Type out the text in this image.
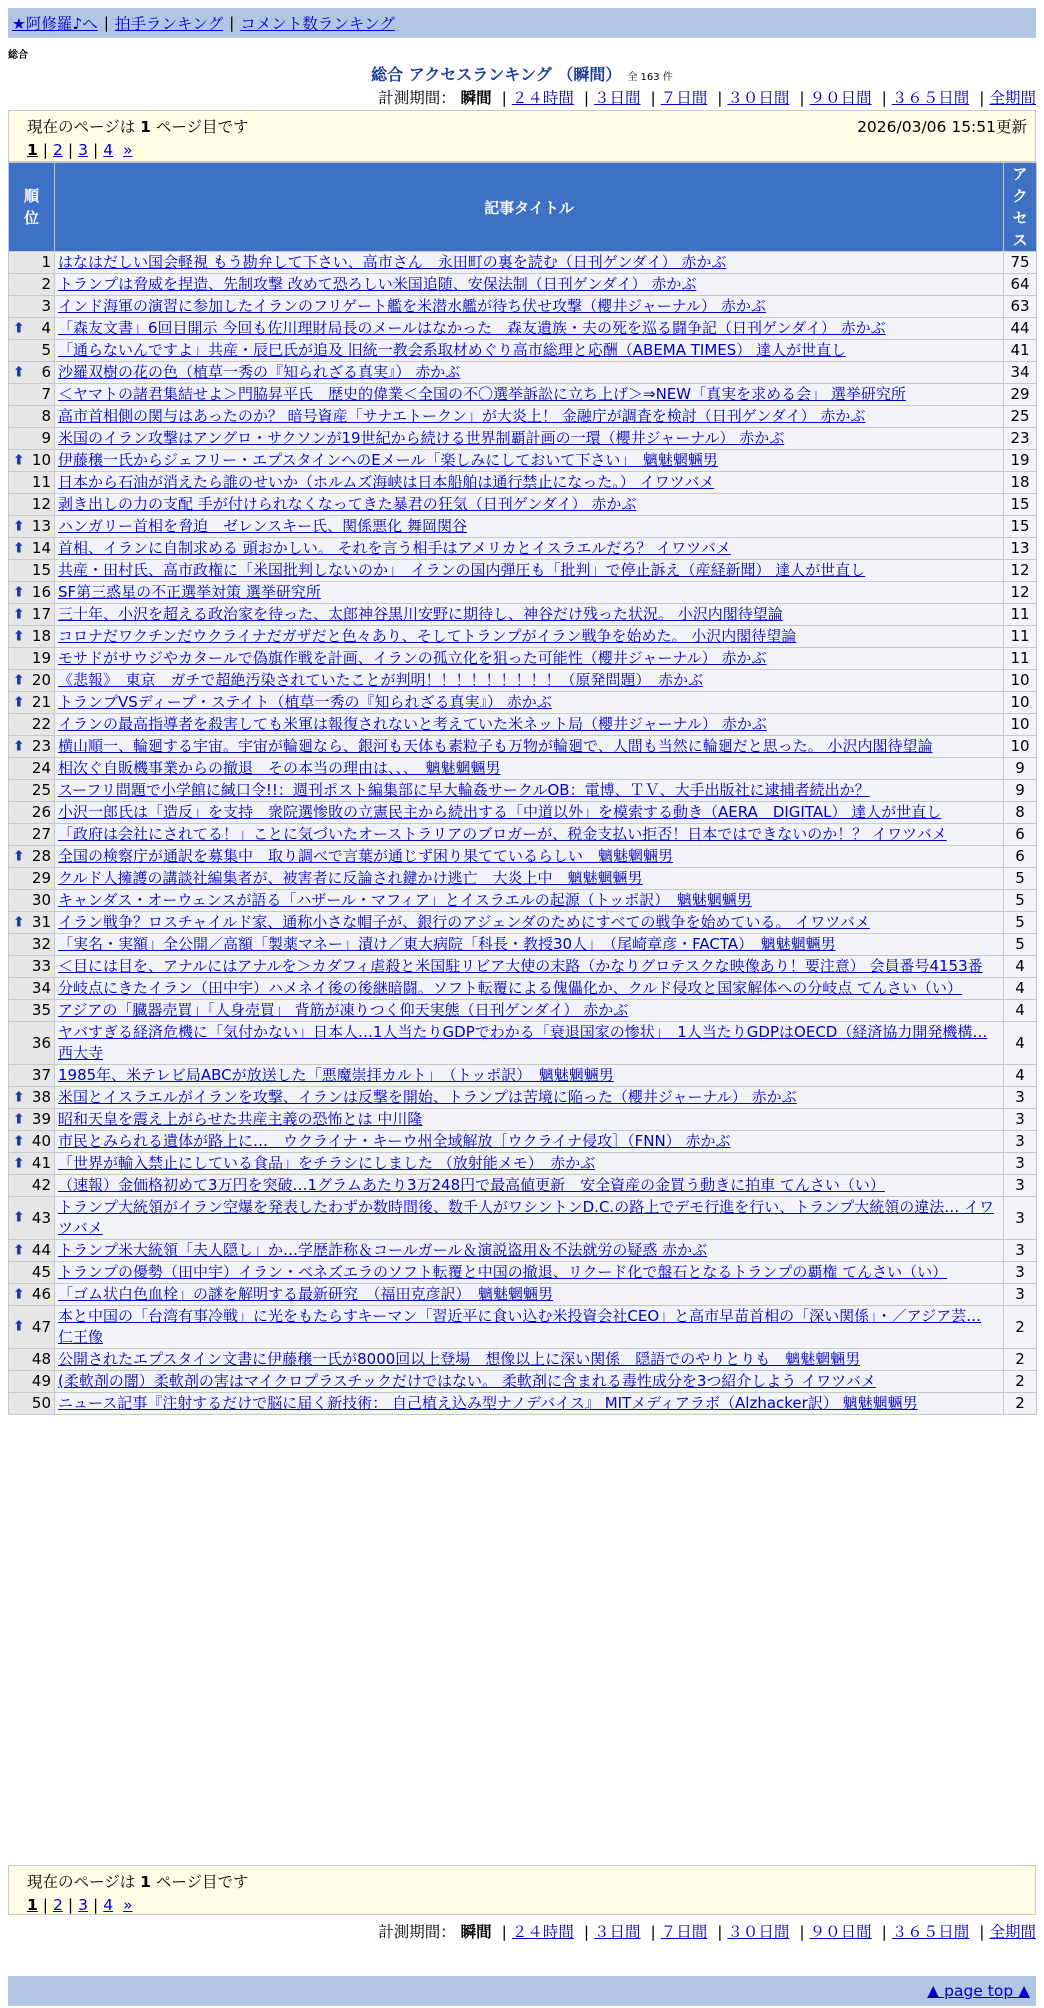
★阿修羅♪へ | 拍手ランキング | コメント数ランキング
総合
総合 アクセスランキング （瞬間） 全 163 件
計測期間： 瞬間 | ２４時間 | ３日間 | ７日間 | ３０日間 | ９０日間 | ３６５日間 | 全期間
現在のページは 1 ページ目です	2026/03/06 15:51更新
1 | 2 | 3 | 4 »
順位	記事タイトル	アクセス
1	はなはだしい国会軽視 もう勘弁して下さい、高市さん　永田町の裏を読む（日刊ゲンダイ） 赤かぶ	75
2	トランプは脅威を捏造、先制攻撃 改めて恐ろしい米国追随、安保法制（日刊ゲンダイ） 赤かぶ	64
3	インド海軍の演習に参加したイランのフリゲート艦を米潜水艦が待ち伏せ攻撃（櫻井ジャーナル） 赤かぶ	63

⬆ 4	「森友文書」6回目開示 今回も佐川理財局長のメールはなかった　森友遺族・夫の死を巡る闘争記（日刊ゲンダイ） 赤かぶ	44
5	「通らないんですよ」共産・辰巳氏が追及 旧統一教会系取材めぐり高市総理と応酬（ABEMA TIMES） 達人が世直し	41

⬆ 6	沙羅双樹の花の色（植草一秀の『知られざる真実』） 赤かぶ	34
7	＜ヤマトの諸君集結せよ＞門脇昇平氏　歴史的偉業＜全国の不〇選挙訴訟に立ち上げ＞⇒NEW「真実を求める会」 選挙研究所	29
8	高市首相側の関与はあったのか？ 暗号資産「サナエトークン」が大炎上！ 金融庁が調査を検討（日刊ゲンダイ） 赤かぶ	25
9	米国のイラン攻撃はアングロ・サクソンが19世紀から続ける世界制覇計画の一環（櫻井ジャーナル） 赤かぶ	23

⬆ 10	伊藤穣一氏からジェフリー・エプスタインへのEメール「楽しみにしておいて下さい」　魑魅魍魎男	19
11	日本から石油が消えたら誰のせいか（ホルムズ海峡は日本船舶は通行禁止になった。） イワツバメ	18
12	剥き出しの力の支配 手が付けられなくなってきた暴君の狂気（日刊ゲンダイ） 赤かぶ	15

⬆ 13	ハンガリー首相を脅迫　ゼレンスキー氏、関係悪化 舞岡関谷	15

⬆ 14	首相、イランに自制求める 頭おかしい。 それを言う相手はアメリカとイスラエルだろ？ イワツバメ	13
15	共産・田村氏、高市政権に「米国批判しないのか」　イランの国内弾圧も「批判」で停止訴え（産経新聞） 達人が世直し	12

⬆ 16	SF第三惑星の不正選挙対策 選挙研究所	12

⬆ 17	三十年、小沢を超える政治家を待った、太郎神谷黒川安野に期待し、神谷だけ残った状況。 小沢内閣待望論	11

⬆ 18	コロナだワクチンだウクライナだガザだと色々あり、そしてトランプがイラン戦争を始めた。 小沢内閣待望論	11
19	モサドがサウジやカタールで偽旗作戦を計画、イランの孤立化を狙った可能性（櫻井ジャーナル） 赤かぶ	11

⬆ 20	《悲報》　東京　ガチで超絶汚染されていたことが判明！！！！！！！！！（原発問題）　赤かぶ	10

⬆ 21	トランプVSディープ・ステイト（植草一秀の『知られざる真実』） 赤かぶ	10
22	イランの最高指導者を殺害しても米軍は報復されないと考えていた米ネット局（櫻井ジャーナル） 赤かぶ	10

⬆ 23	横山順一、輪廻する宇宙。宇宙が輪廻なら、銀河も天体も素粒子も万物が輪廻で、人間も当然に輪廻だと思った。 小沢内閣待望論	10
24	相次ぐ自販機事業からの撤退　その本当の理由は、、、　魑魅魍魎男	9
25	スーフリ問題で小学館に緘口令!!：週刊ポスト編集部に早大輪姦サークルOB：電博、ＴＶ、大手出版社に逮捕者続出か？	9
26	小沢一郎氏は「造反」を支持　衆院選惨敗の立憲民主から続出する「中道以外」を模索する動き（AERA　DIGITAL） 達人が世直し	8
27	「政府は会社にされてる！」ことに気づいたオーストラリアのブロガーが、税金支払い拒否！日本ではできないのか！？ イワツバメ	6

⬆ 28	全国の検察庁が通訳を募集中　取り調べで言葉が通じず困り果てているらしい　魑魅魍魎男	6
29	クルド人擁護の講談社編集者が、被害者に反論され鍵かけ逃亡　大炎上中　魑魅魍魎男	5
30	キャンダス・オーウェンスが語る「ハザール・マフィア」とイスラエルの起源（トッポ訳）　魑魅魍魎男	5

⬆ 31	イラン戦争？ロスチャイルド家、通称小さな帽子が、銀行のアジェンダのためにすべての戦争を始めている。 イワツバメ	5
32	「実名・実額」全公開／高額「製薬マネー」漬け／東大病院「科長・教授30人」　（尾崎章彦・FACTA）　魑魅魍魎男	5
33	＜目には目を、アナルにはアナルを＞カダフィ虐殺と米国駐リビア大使の末路（かなりグロテスクな映像あり！要注意） 会員番号4153番	4
34	分岐点にきたイラン（田中宇）ハメネイ後の後継暗闘。ソフト転覆による傀儡化か、クルド侵攻と国家解体への分岐点 てんさい（い）	4
35	アジアの「臓器売買」「人身売買」 背筋が凍りつく仰天実態（日刊ゲンダイ） 赤かぶ	4
36	ヤバすぎる経済危機に「気付かない」日本人…1人当たりGDPでわかる「衰退国家の惨状」　1人当たりGDPはOECD（経済協力開発機構… 西大寺	4
37	1985年、米テレビ局ABCが放送した「悪魔崇拝カルト」　（トッポ訳）　魑魅魍魎男	4

⬆ 38	米国とイスラエルがイランを攻撃、イランは反撃を開始、トランプは苦境に陥った（櫻井ジャーナル） 赤かぶ	3

⬆ 39	昭和天皇を震え上がらせた共産主義の恐怖とは 中川隆	3

⬆ 40	市民とみられる遺体が路上に…　ウクライナ・キーウ州全域解放［ウクライナ侵攻］（FNN） 赤かぶ	3

⬆ 41	「世界が輸入禁止にしている食品」をチラシにしました （放射能メモ）　赤かぶ	3
42	（速報）金価格初めて3万円を突破…1グラムあたり3万248円で最高値更新　安全資産の金買う動きに拍車 てんさい（い）	3

⬆ 43	トランプ大統領がイラン空爆を発表したわずか数時間後、数千人がワシントンD.C.の路上でデモ行進を行い、トランプ大統領の違法… イワツバメ	3

⬆ 44	トランプ米大統領「夫人隠し」か…学歴詐称＆コールガール＆演説盗用＆不法就労の疑惑 赤かぶ	3
45	トランプの優勢（田中宇）イラン・ベネズエラのソフト転覆と中国の撤退、リクード化で盤石となるトランプの覇権 てんさい（い）	3

⬆ 46	「ゴム状白色血栓」の謎を解明する最新研究　（福田克彦訳）　魑魅魍魎男	3

⬆ 47	本と中国の「台湾有事冷戦」に光をもたらすキーマン「習近平に食い込む米投資会社CEO」と高市早苗首相の「深い関係」・／アジア芸… 仁王像	2
48	公開されたエプスタイン文書に伊藤穣一氏が8000回以上登場　想像以上に深い関係　隠語でのやりとりも　魑魅魍魎男	2
49	(柔軟剤の闇）柔軟剤の害はマイクロプラスチックだけではない。 柔軟剤に含まれる毒性成分を3つ紹介しよう イワツバメ	2
50	ニュース記事『注射するだけで脳に届く新技術： 自己植え込み型ナノデバイス』 MITメディアラボ（Alzhacker訳） 魑魅魍魎男	2
現在のページは 1 ページ目です
1 | 2 | 3 | 4 »
計測期間： 瞬間 | ２４時間 | ３日間 | ７日間 | ３０日間 | ９０日間 | ３６５日間 | 全期間
▲ page top ▲
